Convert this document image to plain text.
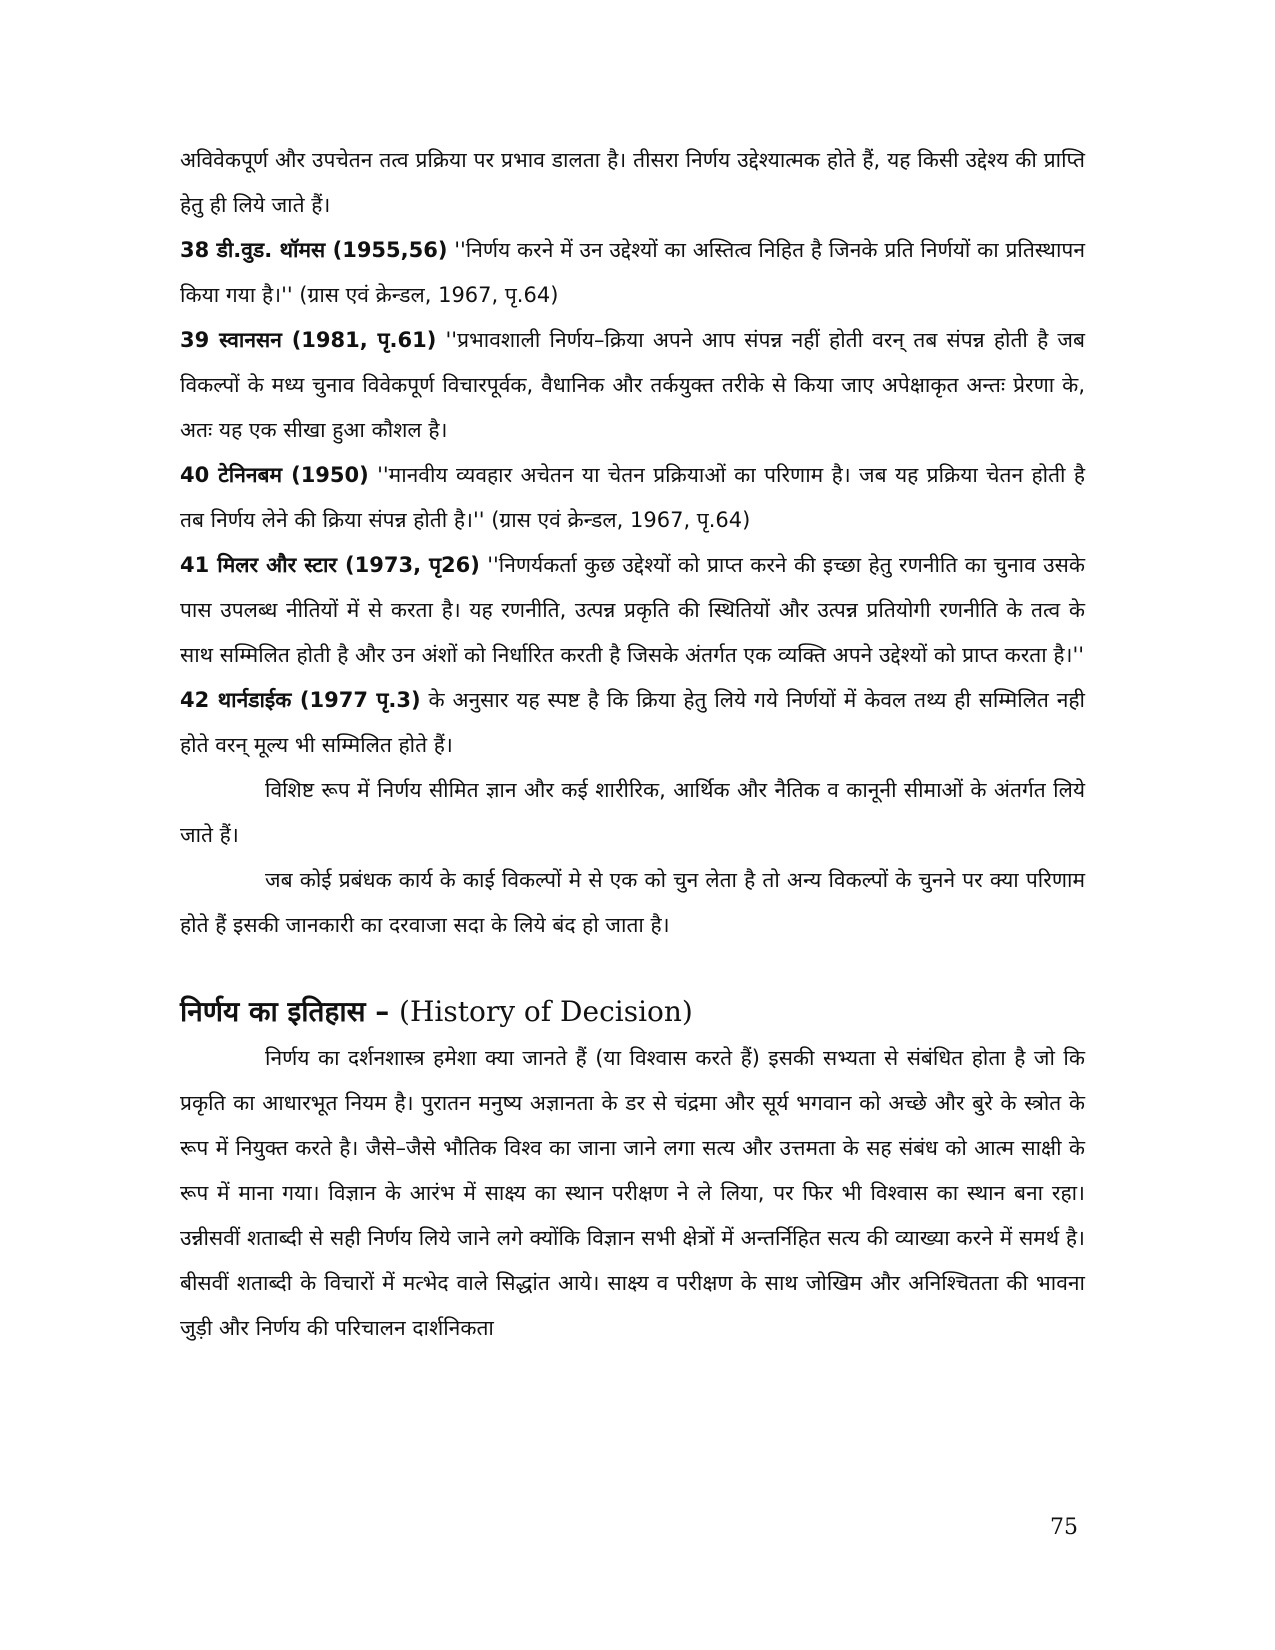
अविवेकपूर्ण और उपचेतन तत्व प्रक्रिया पर प्रभाव डालता है। तीसरा निर्णय उद्देश्यात्मक होते हैं, यह किसी उद्देश्य की प्राप्ति हेतु ही लिये जाते हैं।

38 डी.वुड. थॉमस (1955,56) ''निर्णय करने में उन उद्देश्यों का अस्तित्व निहित है जिनके प्रति निर्णयों का प्रतिस्थापन किया गया है।'' (ग्रास एवं क्रेन्डल, 1967, पृ.64)

39 स्वानसन (1981, पृ.61) ''प्रभावशाली निर्णय–क्रिया अपने आप संपन्न नहीं होती वरन् तब संपन्न होती है जब विकल्पों के मध्य चुनाव विवेकपूर्ण विचारपूर्वक, वैधानिक और तर्कयुक्त तरीके से किया जाए अपेक्षाकृत अन्तः प्रेरणा के, अतः यह एक सीखा हुआ कौशल है।

40 टेनिनबम (1950) ''मानवीय व्यवहार अचेतन या चेतन प्रक्रियाओं का परिणाम है। जब यह प्रक्रिया चेतन होती है तब निर्णय लेने की क्रिया संपन्न होती है।'' (ग्रास एवं क्रेन्डल, 1967, पृ.64)

41 मिलर और स्टार (1973, पृ26) ''निणर्यकर्ता कुछ उद्देश्यों को प्राप्त करने की इच्छा हेतु रणनीति का चुनाव उसके पास उपलब्ध नीतियों में से करता है। यह रणनीति, उत्पन्न प्रकृति की स्थितियों और उत्पन्न प्रतियोगी रणनीति के तत्व के साथ सम्मिलित होती है और उन अंशों को निर्धारित करती है जिसके अंतर्गत एक व्यक्ति अपने उद्देश्यों को प्राप्त करता है।''

42 थार्नडाईक (1977 पृ.3) के अनुसार यह स्पष्ट है कि क्रिया हेतु लिये गये निर्णयों में केवल तथ्य ही सम्मिलित नही होते वरन् मूल्य भी सम्मिलित होते हैं।

विशिष्ट रूप में निर्णय सीमित ज्ञान और कई शारीरिक, आर्थिक और नैतिक व कानूनी सीमाओं के अंतर्गत लिये जाते हैं।

जब कोई प्रबंधक कार्य के काई विकल्पों मे से एक को चुन लेता है तो अन्य विकल्पों के चुनने पर क्या परिणाम होते हैं इसकी जानकारी का दरवाजा सदा के लिये बंद हो जाता है।

निर्णय का इतिहास – (History of Decision)

निर्णय का दर्शनशास्त्र हमेशा क्या जानते हैं (या विश्वास करते हैं) इसकी सभ्यता से संबंधित होता है जो कि प्रकृति का आधारभूत नियम है। पुरातन मनुष्य अज्ञानता के डर से चंद्रमा और सूर्य भगवान को अच्छे और बुरे के स्त्रोत के रूप में नियुक्त करते है। जैसे–जैसे भौतिक विश्व का जाना जाने लगा सत्य और उत्तमता के सह संबंध को आत्म साक्षी के रूप में माना गया। विज्ञान के आरंभ में साक्ष्य का स्थान परीक्षण ने ले लिया, पर फिर भी विश्वास का स्थान बना रहा। उन्नीसवीं शताब्दी से सही निर्णय लिये जाने लगे क्योंकि विज्ञान सभी क्षेत्रों में अन्तर्निहित सत्य की व्याख्या करने में समर्थ है। बीसवीं शताब्दी के विचारों में मत्भेद वाले सिद्धांत आये। साक्ष्य व परीक्षण के साथ जोखिम और अनिश्चितता की भावना जुड़ी और निर्णय की परिचालन दार्शनिकता

75
